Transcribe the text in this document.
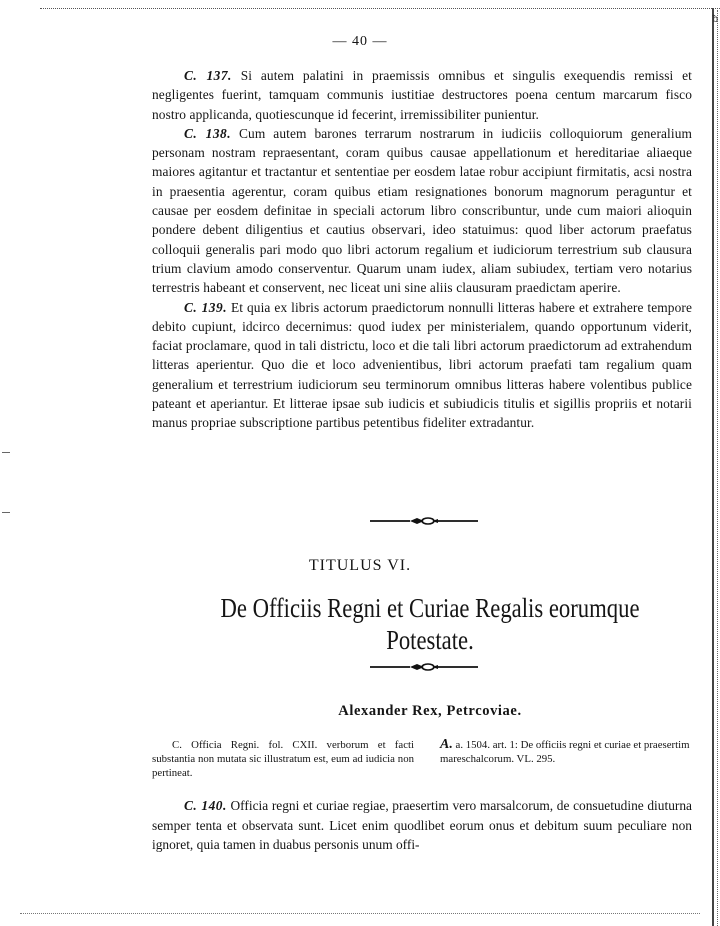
ᵬ
— 40 —

C. 137. Si autem palatini in praemissis omnibus et singulis exequendis remissi et negligentes fuerint, tamquam communis iustitiae destructores poena centum marcarum fisco nostro applicanda, quotiescunque id fecerint, irremissibiliter punientur.

C. 138. Cum autem barones terrarum nostrarum in iudiciis colloquiorum generalium personam nostram repraesentant, coram quibus causae appellationum et hereditariae aliaeque maiores agitantur et tractantur et sententiae per eosdem latae robur accipiunt firmitatis, acsi nostra in praesentia agerentur, coram quibus etiam resignationes bonorum magnorum peraguntur et causae per eosdem definitae in speciali actorum libro conscribuntur, unde cum maiori alioquin pondere debent diligentius et cautius observari, ideo statuimus: quod liber actorum praefatus colloquii generalis pari modo quo libri actorum regalium et iudiciorum terrestrium sub clausura trium clavium amodo conserventur. Quarum unam iudex, aliam subiudex, tertiam vero notarius terrestris habeant et conservent, nec liceat uni sine aliis clausuram praedictam aperire.

C. 139. Et quia ex libris actorum praedictorum nonnulli litteras habere et extrahere tempore debito cupiunt, idcirco decernimus: quod iudex per ministerialem, quando opportunum viderit, faciat proclamare, quod in tali districtu, loco et die tali libri actorum praedictorum ad extrahendum litteras aperientur. Quo die et loco advenientibus, libri actorum praefati tam regalium quam generalium et terrestrium iudiciorum seu terminorum omnibus litteras habere volentibus publice pateant et aperiantur. Et litterae ipsae sub iudicis et subiudicis titulis et sigillis propriis et notarii manus propriae subscriptione partibus petentibus fideliter extradantur.

TITULUS VI.
De Officiis Regni et Curiae Regalis eorumque
Potestate.
Alexander Rex, Petrcoviae.

C. Officia Regni. fol. CXII. verborum et facti substantia non mutata sic illustratum est, eum ad iudicia non pertineat.

A. a. 1504. art. 1: De officiis regni et curiae et praesertim mareschalcorum. VL. 295.

C. 140. Officia regni et curiae regiae, praesertim vero marsalcorum, de consuetudine diuturna semper tenta et observata sunt. Licet enim quodlibet eorum onus et debitum suum peculiare non ignoret, quia tamen in duabus personis unum offi-
